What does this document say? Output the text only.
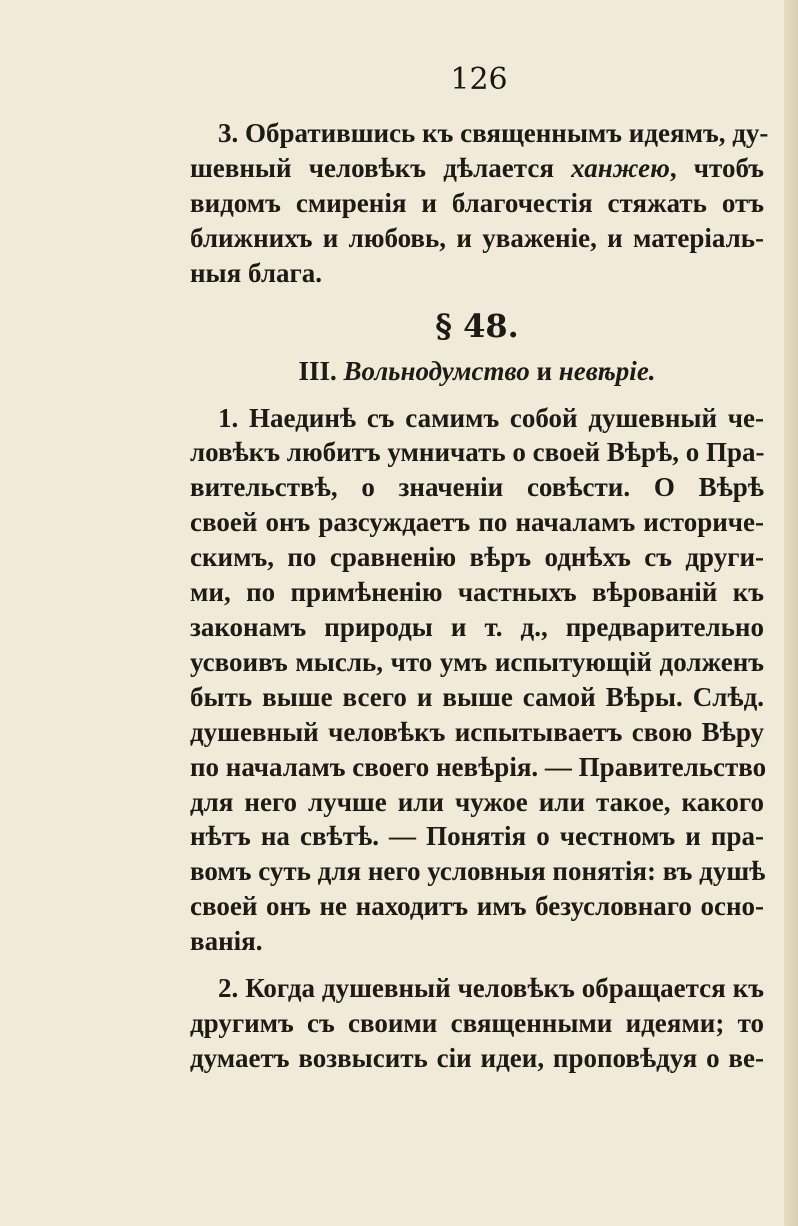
126

3. Обратившись къ священнымъ идеямъ, ду-
шевный человѣкъ дѣлается ханжею, чтобъ
видомъ смиренія и благочестія стяжать отъ
ближнихъ и любовь, и уваженіе, и матеріаль-
ныя блага.

§ 48.
III. Вольнодумство и невѣріе.

1. Наединѣ съ самимъ собой душевный че-
ловѣкъ любитъ умничать о своей Вѣрѣ, о Пра-
вительствѣ, о значеніи совѣсти. О Вѣрѣ
своей онъ разсуждаетъ по началамъ историче-
скимъ, по сравненію вѣръ однѣхъ съ други-
ми, по примѣненію частныхъ вѣрованій къ
законамъ природы и т. д., предварительно
усвоивъ мысль, что умъ испытующій долженъ
быть выше всего и выше самой Вѣры. Слѣд.
душевный человѣкъ испытываетъ свою Вѣру
по началамъ своего невѣрія. — Правительство
для него лучше или чужое или такое, какого
нѣтъ на свѣтѣ. — Понятія о честномъ и пра-
вомъ суть для него условныя понятія: въ душѣ
своей онъ не находитъ имъ безусловнаго осно-
ванія.

2. Когда душевный человѣкъ обращается къ
другимъ съ своими священными идеями; то
думаетъ возвысить сіи идеи, проповѣдуя о ве-
